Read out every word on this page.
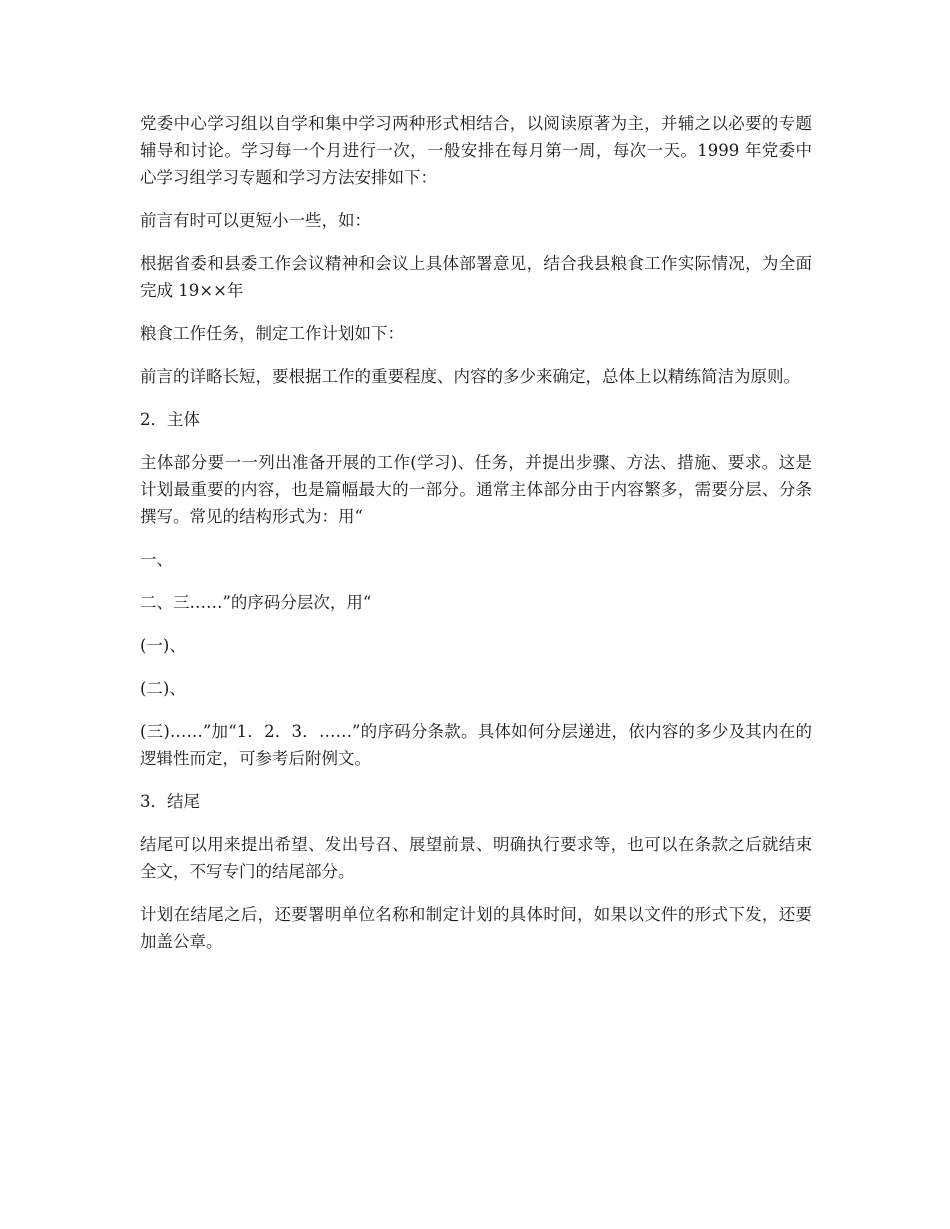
党委中心学习组以自学和集中学习两种形式相结合，以阅读原著为主，并辅之以必要的专题辅导和讨论。学习每一个月进行一次，一般安排在每月第一周，每次一天。1999 年党委中心学习组学习专题和学习方法安排如下：

前言有时可以更短小一些，如：

根据省委和县委工作会议精神和会议上具体部署意见，结合我县粮食工作实际情况，为全面完成 19××年

粮食工作任务，制定工作计划如下：

前言的详略长短，要根据工作的重要程度、内容的多少来确定，总体上以精练简洁为原则。

2．主体

主体部分要一一列出准备开展的工作(学习)、任务，并提出步骤、方法、措施、要求。这是计划最重要的内容，也是篇幅最大的一部分。通常主体部分由于内容繁多，需要分层、分条撰写。常见的结构形式为：用“

一、

二、三……”的序码分层次，用“

(一)、

(二)、

(三)……”加“1．2．3．……”的序码分条款。具体如何分层递进，依内容的多少及其内在的逻辑性而定，可参考后附例文。

3．结尾

结尾可以用来提出希望、发出号召、展望前景、明确执行要求等，也可以在条款之后就结束全文，不写专门的结尾部分。

计划在结尾之后，还要署明单位名称和制定计划的具体时间，如果以文件的形式下发，还要加盖公章。
